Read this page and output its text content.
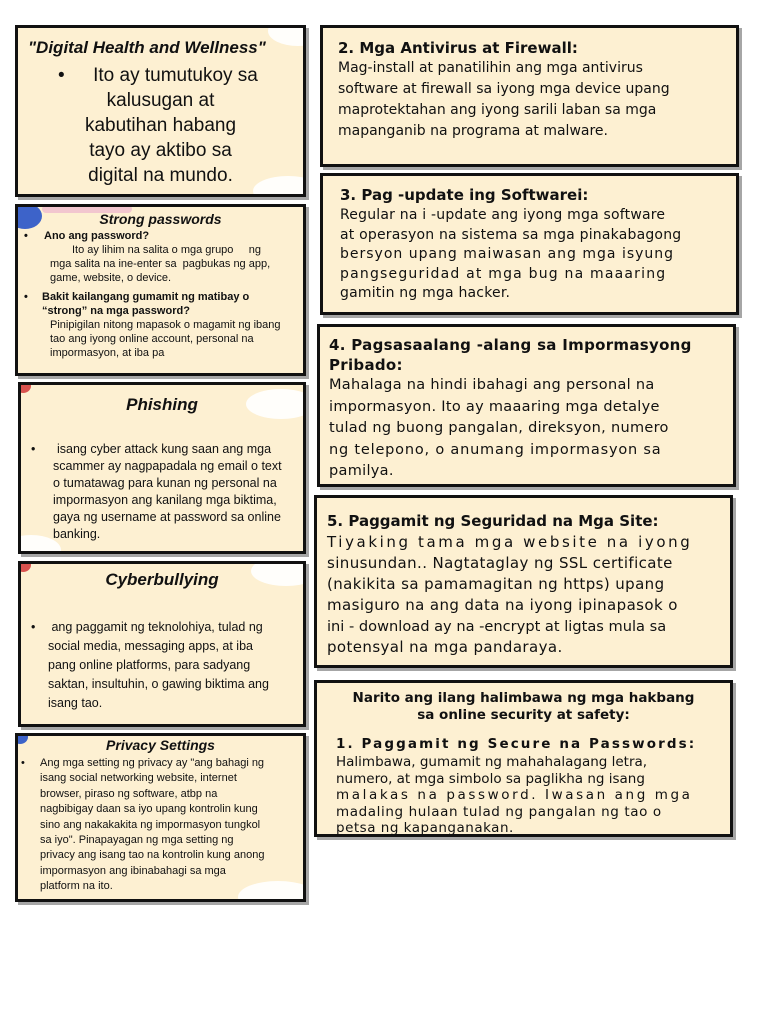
"Digital Health and Wellness"
•	Ito ay tumutukoy sa
kalusugan at
kabutihan habang
tayo ay aktibo sa
digital na mundo.
Strong passwords
• Ano ang password?
Ito ay lihim na salita o mga grupo     ng
mga salita na ine-enter sa  pagbukas ng app,
game, website, o device.
• Bakit kailangang gumamit ng matibay o
“strong” na mga password?
Pinipigilan nitong mapasok o magamit ng ibang
tao ang iyong online account, personal na
impormasyon, at iba pa
Phishing
•	isang cyber attack kung saan ang mga
scammer ay nagpapadala ng email o text
o tumatawag para kunan ng personal na
impormasyon ang kanilang mga biktima,
gaya ng username at password sa online
banking.
Cyberbullying
• ang paggamit ng teknolohiya, tulad ng
social media, messaging apps, at iba
pang online platforms, para sadyang
saktan, insultuhin, o gawing biktima ang
isang tao.
Privacy Settings
• Ang mga setting ng privacy ay "ang bahagi ng
isang social networking website, internet
browser, piraso ng software, atbp na
nagbibigay daan sa iyo upang kontrolin kung
sino ang nakakakita ng impormasyon tungkol
sa iyo". Pinapayagan ng mga setting ng
privacy ang isang tao na kontrolin kung anong
impormasyon ang ibinabahagi sa mga
platform na ito.
2. Mga Antivirus at Firewall:
Mag-install at panatilihin ang mga antivirus
software at firewall sa iyong mga device upang
maprotektahan ang iyong sarili laban sa mga
mapanganib na programa at malware.
3. Pag -update ing Softwarei:
Regular na i -update ang iyong mga software
at operasyon na sistema sa mga pinakabagong
bersyon upang maiwasan ang mga isyung
pangseguridad at mga bug na maaaring
gamitin ng mga hacker.
4. Pagsasaalang -alang sa Impormasyong
Pribado:
Mahalaga na hindi ibahagi ang personal na
impormasyon. Ito ay maaaring mga detalye
tulad ng buong pangalan, direksyon, numero
ng telepono, o anumang impormasyon sa
pamilya.
5. Paggamit ng Seguridad na Mga Site:
Tiyaking tama mga website na iyong
sinusundan.. Nagtataglay ng SSL certificate
(nakikita sa pamamagitan ng https) upang
masiguro na ang data na iyong ipinapasok o
ini - download ay na -encrypt at ligtas mula sa
potensyal na mga pandaraya.
Narito ang ilang halimbawa ng mga hakbang
sa online security at safety:
1. Paggamit ng Secure na Passwords:
Halimbawa, gumamit ng mahahalagang letra,
numero, at mga simbolo sa paglikha ng isang
malakas na password. Iwasan ang mga
madaling hulaan tulad ng pangalan ng tao o
petsa ng kapanganakan.
